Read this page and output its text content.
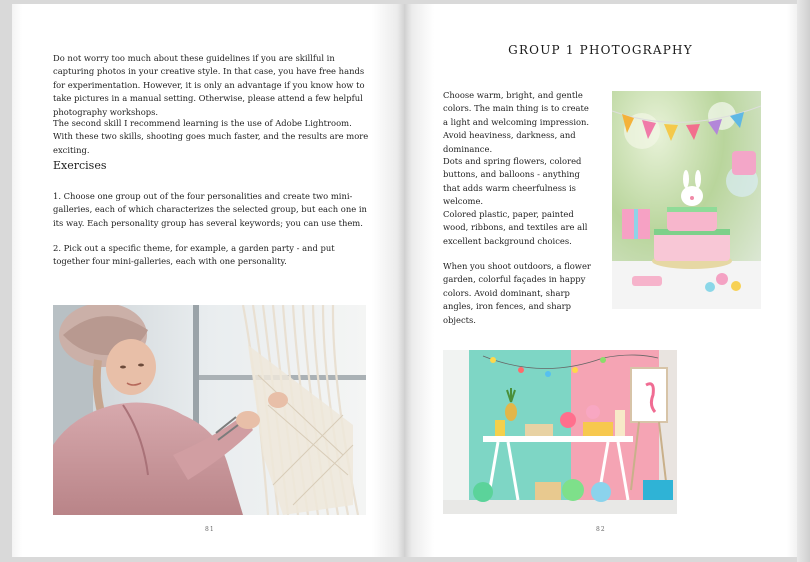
Do not worry too much about these guidelines if you are skillful in capturing photos in your creative style. In that case, you have free hands for experimentation. However, it is only an advantage if you know how to take pictures in a manual setting. Otherwise, please attend a few helpful photography workshops.
The second skill I recommend learning is the use of Adobe Lightroom. With these two skills, shooting goes much faster, and the results are more exciting.
Exercises
1. Choose one group out of the four personalities and create two mini-galleries, each of which characterizes the selected group, but each one in its way. Each personality group has several keywords; you can use them.
2. Pick out a specific theme, for example, a garden party - and put together four mini-galleries, each with one personality.
81
GROUP 1 PHOTOGRAPHY
Choose warm, bright, and gentle colors. The main thing is to create a light and welcoming impression. Avoid heaviness, darkness, and dominance.
Dots and spring flowers, colored buttons, and balloons - anything that adds warm cheerfulness is welcome.
Colored plastic, paper, painted wood, ribbons, and textiles are all excellent background choices.
When you shoot outdoors, a flower garden, colorful façades in happy colors. Avoid dominant, sharp angles, iron fences, and sharp objects.
82
